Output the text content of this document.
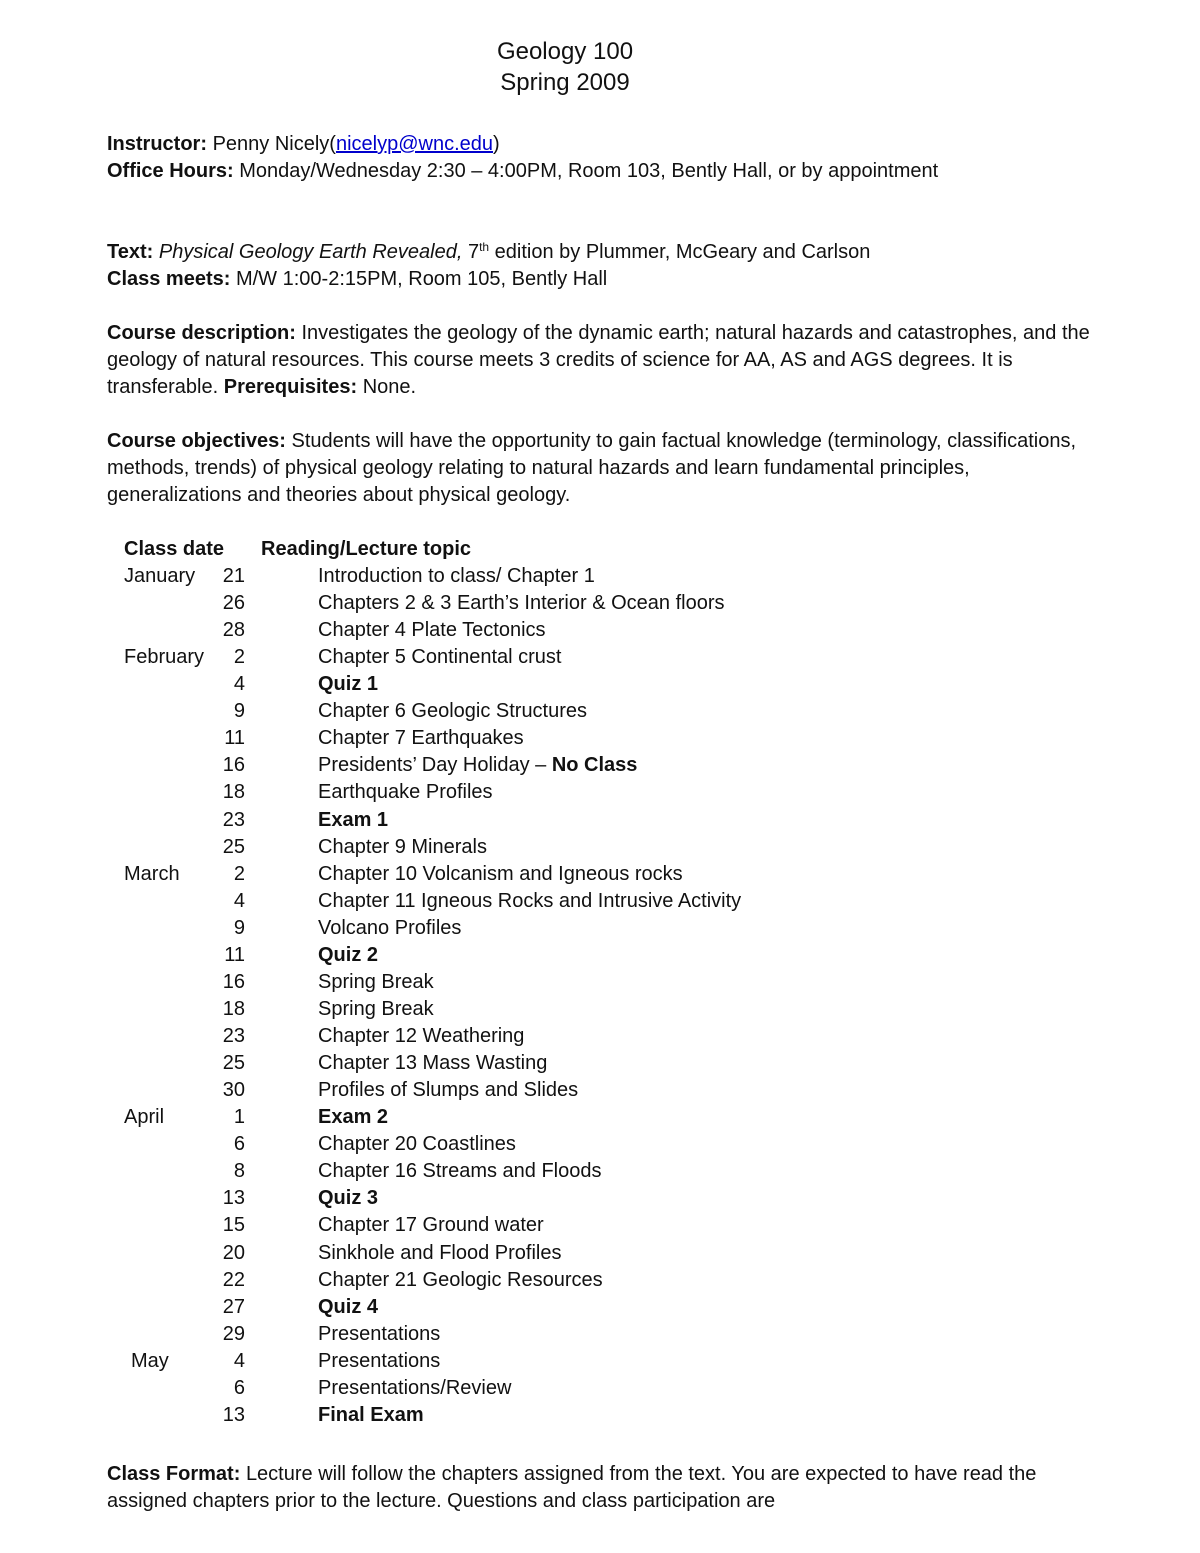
Geology 100
Spring 2009
Instructor: Penny Nicely(nicelyp@wnc.edu)
Office Hours: Monday/Wednesday 2:30 – 4:00PM, Room 103, Bently Hall, or by appointment
Text: Physical Geology Earth Revealed, 7th edition by Plummer, McGeary and Carlson
Class meets: M/W 1:00-2:15PM, Room 105, Bently Hall
Course description: Investigates the geology of the dynamic earth; natural hazards and catastrophes, and the geology of natural resources. This course meets 3 credits of science for AA, AS and AGS degrees. It is transferable. Prerequisites: None.
Course objectives: Students will have the opportunity to gain factual knowledge (terminology, classifications, methods, trends) of physical geology relating to natural hazards and learn fundamental principles, generalizations and theories about physical geology.
Class date Reading/Lecture topic
January	21	Introduction to class/ Chapter 1
26	Chapters 2 & 3 Earth’s Interior & Ocean floors
28	Chapter 4 Plate Tectonics
February	2	Chapter 5 Continental crust
4	Quiz 1
9	Chapter 6 Geologic Structures
11	Chapter 7 Earthquakes
16	Presidents’ Day Holiday – No Class
18	Earthquake Profiles
23	Exam 1
25	Chapter 9 Minerals
March	2	Chapter 10 Volcanism and Igneous rocks
4	Chapter 11 Igneous Rocks and Intrusive Activity
9	Volcano Profiles
11	Quiz 2
16	Spring Break
18	Spring Break
23	Chapter 12 Weathering
25	Chapter 13 Mass Wasting
30	Profiles of Slumps and Slides
April	1	Exam 2
6	Chapter 20 Coastlines
8	Chapter 16 Streams and Floods
13	Quiz 3
15	Chapter 17 Ground water
20	Sinkhole and Flood Profiles
22	Chapter 21 Geologic Resources
27	Quiz 4
29	Presentations
May	4	Presentations
6	Presentations/Review
13	Final Exam
Class Format: Lecture will follow the chapters assigned from the text. You are expected to have read the assigned chapters prior to the lecture. Questions and class participation are
